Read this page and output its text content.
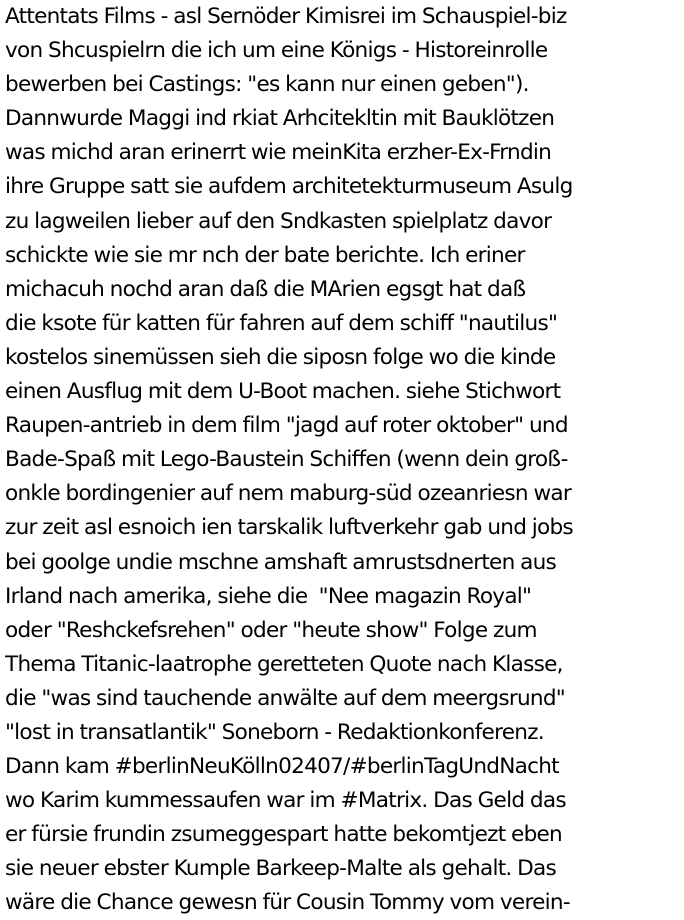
Attentats Films - asl Sernöder Kimisrei im Schauspiel-biz
von Shcuspielrn die ich um eine Königs - Historeinrolle
bewerben bei Castings: "es kann nur einen geben").
Dannwurde Maggi ind rkiat Arhcitekltin mit Bauklötzen
was michd aran erinerrt wie meinKita erzher-Ex-Frndin
ihre Gruppe satt sie aufdem architetekturmuseum Asulg
zu lagweilen lieber auf den Sndkasten spielplatz davor
schickte wie sie mr nch der bate berichte. Ich eriner
michacuh nochd aran daß die MArien egsgt hat daß
die ksote für katten für fahren auf dem schiff "nautilus"
kostelos sinemüssen sieh die siposn folge wo die kinde
einen Ausflug mit dem U-Boot machen. siehe Stichwort
Raupen-antrieb in dem film "jagd auf roter oktober" und
Bade-Spaß mit Lego-Baustein Schiffen (wenn dein groß-
onkle bordingenier auf nem maburg-süd ozeanriesn war
zur zeit asl esnoich ien tarskalik luftverkehr gab und jobs
bei goolge undie mschne amshaft amrustsdnerten aus
Irland nach amerika, siehe die  "Nee magazin Royal"
oder "Reshckefsrehen" oder "heute show" Folge zum
Thema Titanic-laatrophe geretteten Quote nach Klasse,
die "was sind tauchende anwälte auf dem meergsrund"
"lost in transatlantik" Soneborn - Redaktionkonferenz.
Dann kam #berlinNeuKölln02407/#berlinTagUndNacht
wo Karim kummessaufen war im #Matrix. Das Geld das
er fürsie frundin zsumeggespart hatte bekomtjezt eben
sie neuer ebster Kumple Barkeep-Malte als gehalt. Das
wäre die Chance gewesn für Cousin Tommy vom verein-
